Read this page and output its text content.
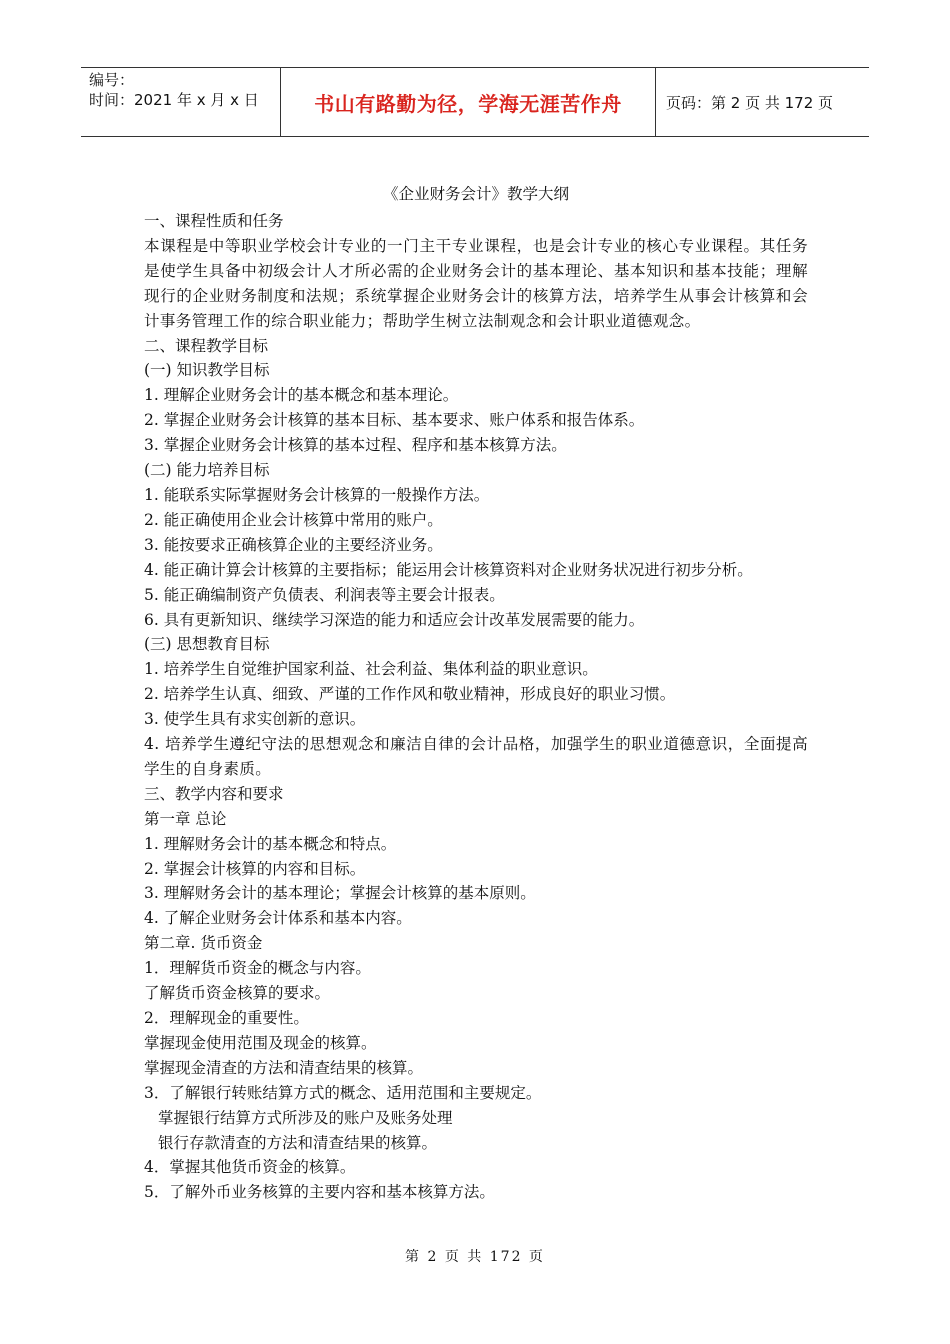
编号：
时间：2021 年 x 月 x 日	书山有路勤为径，学海无涯苦作舟	页码：第 2 页 共 172 页

《企业财务会计》教学大纲

一、课程性质和任务

本课程是中等职业学校会计专业的一门主干专业课程，也是会计专业的核心专业课程。其任务是使学生具备中初级会计人才所必需的企业财务会计的基本理论、基本知识和基本技能；理解现行的企业财务制度和法规；系统掌握企业财务会计的核算方法，培养学生从事会计核算和会计事务管理工作的综合职业能力；帮助学生树立法制观念和会计职业道德观念。

二、课程教学目标

(一) 知识教学目标

1. 理解企业财务会计的基本概念和基本理论。

2. 掌握企业财务会计核算的基本目标、基本要求、账户体系和报告体系。

3. 掌握企业财务会计核算的基本过程、程序和基本核算方法。

(二) 能力培养目标

1. 能联系实际掌握财务会计核算的一般操作方法。

2. 能正确使用企业会计核算中常用的账户。

3. 能按要求正确核算企业的主要经济业务。

4. 能正确计算会计核算的主要指标；能运用会计核算资料对企业财务状况进行初步分析。

5. 能正确编制资产负债表、利润表等主要会计报表。

6. 具有更新知识、继续学习深造的能力和适应会计改革发展需要的能力。

(三) 思想教育目标

1. 培养学生自觉维护国家利益、社会利益、集体利益的职业意识。

2. 培养学生认真、细致、严谨的工作作风和敬业精神，形成良好的职业习惯。

3. 使学生具有求实创新的意识。

4. 培养学生遵纪守法的思想观念和廉洁自律的会计品格，加强学生的职业道德意识，全面提高学生的自身素质。

三、教学内容和要求

第一章 总论

1. 理解财务会计的基本概念和特点。

2. 掌握会计核算的内容和目标。

3. 理解财务会计的基本理论；掌握会计核算的基本原则。

4. 了解企业财务会计体系和基本内容。

第二章. 货币资金

1．理解货币资金的概念与内容。

了解货币资金核算的要求。

2．理解现金的重要性。

掌握现金使用范围及现金的核算。

掌握现金清查的方法和清查结果的核算。

3．了解银行转账结算方式的概念、适用范围和主要规定。

掌握银行结算方式所涉及的账户及账务处理

银行存款清查的方法和清查结果的核算。

4．掌握其他货币资金的核算。

5．了解外币业务核算的主要内容和基本核算方法。

第 2 页 共 172 页
